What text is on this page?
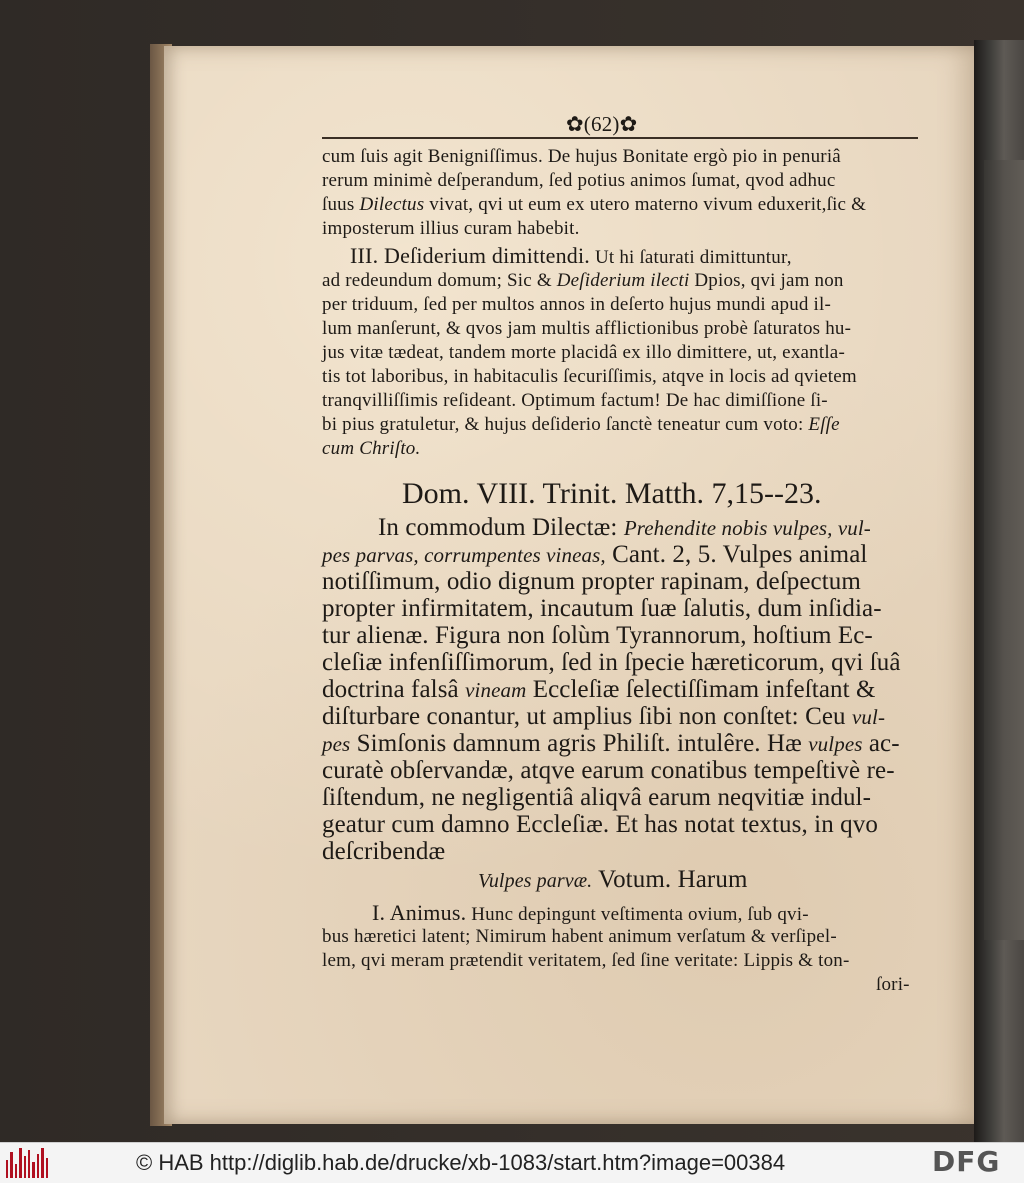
✿(62)✿
cum ſuis agit Benigniſſimus. De hujus Bonitate ergò pio in penuriâ
rerum minimè deſperandum, ſed potius animos ſumat, qvod adhuc
ſuus Dilectus vivat, qvi ut eum ex utero materno vivum eduxerit,ſic &
imposterum illius curam habebit.
III. Deſiderium dimittendi. Ut hi ſaturati dimittuntur,
ad redeundum domum; Sic & Deſiderium ilecti Dpios, qvi jam non
per triduum, ſed per multos annos in deſerto hujus mundi apud il-
lum manſerunt, & qvos jam multis afflictionibus probè ſaturatos hu-
jus vitæ tædeat, tandem morte placidâ ex illo dimittere, ut, exantla-
tis tot laboribus, in habitaculis ſecuriſſimis, atqve in locis ad qvietem
tranqvilliſſimis reſideant. Optimum factum! De hac dimiſſione ſi-
bi pius gratuletur, & hujus deſiderio ſanctè teneatur cum voto: Eſſe
cum Chriſto.
Dom. VIII. Trinit. Matth. 7,15--23.
In commodum Dilectæ: Prehendite nobis vulpes, vul-
pes parvas, corrumpentes vineas, Cant. 2, 5. Vulpes animal
notiſſimum, odio dignum propter rapinam, deſpectum
propter infirmitatem, incautum ſuæ ſalutis, dum inſidia-
tur alienæ. Figura non ſolùm Tyrannorum, hoſtium Ec-
cleſiæ infenſiſſimorum, ſed in ſpecie hæreticorum, qvi ſuâ
doctrina falsâ vineam Eccleſiæ ſelectiſſimam infeſtant &
diſturbare conantur, ut amplius ſibi non conſtet: Ceu vul-
pes Simſonis damnum agris Philiſt. intulêre. Hæ vulpes ac-
curatè obſervandæ, atqve earum conatibus tempeſtivè re-
ſiſtendum, ne negligentiâ aliqvâ earum neqvitiæ indul-
geatur cum damno Eccleſiæ. Et has notat textus, in qvo
deſcribendæ
Vulpes parvæ. Votum. Harum
I. Animus. Hunc depingunt veſtimenta ovium, ſub qvi-
bus hæretici latent; Nimirum habent animum verſatum & verſipel-
lem, qvi meram prætendit veritatem, ſed ſine veritate: Lippis & ton-
ſori-
© HAB http://diglib.hab.de/drucke/xb-1083/start.htm?image=00384	DFG
